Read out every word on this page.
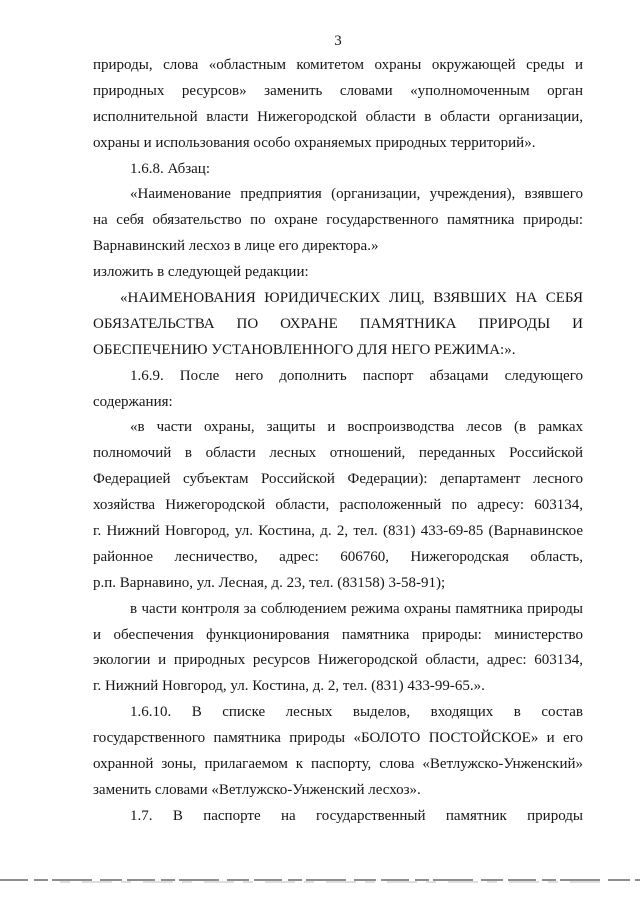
3
природы, слова «областным комитетом охраны окружающей среды и
природных ресурсов» заменить словами «уполномоченным орган
исполнительной власти Нижегородской области в области организации,
охраны и использования особо охраняемых природных территорий».
1.6.8. Абзац:
«Наименование предприятия (организации, учреждения), взявшего
на себя обязательство по охране государственного памятника природы:
Варнавинский лесхоз в лице его директора.»
изложить в следующей редакции:
«НАИМЕНОВАНИЯ ЮРИДИЧЕСКИХ ЛИЦ, ВЗЯВШИХ НА СЕБЯ
ОБЯЗАТЕЛЬСТВА ПО ОХРАНЕ ПАМЯТНИКА ПРИРОДЫ И
ОБЕСПЕЧЕНИЮ УСТАНОВЛЕННОГО ДЛЯ НЕГО РЕЖИМА:».
1.6.9. После него дополнить паспорт абзацами следующего
содержания:
«в части охраны, защиты и воспроизводства лесов (в рамках
полномочий в области лесных отношений, переданных Российской
Федерацией субъектам Российской Федерации): департамент лесного
хозяйства Нижегородской области, расположенный по адресу: 603134,
г. Нижний Новгород, ул. Костина, д. 2, тел. (831) 433-69-85 (Варнавинское
районное лесничество, адрес: 606760, Нижегородская область,
р.п. Варнавино, ул. Лесная, д. 23, тел. (83158) 3-58-91);
в части контроля за соблюдением режима охраны памятника природы
и обеспечения функционирования памятника природы: министерство
экологии и природных ресурсов Нижегородской области, адрес: 603134,
г. Нижний Новгород, ул. Костина, д. 2, тел. (831) 433-99-65.».
1.6.10. В списке лесных выделов, входящих в состав
государственного памятника природы «БОЛОТО ПОСТОЙСКОЕ» и его
охранной зоны, прилагаемом к паспорту, слова «Ветлужско-Унженский»
заменить словами «Ветлужско-Унженский лесхоз».
1.7. В паспорте на государственный памятник природы
